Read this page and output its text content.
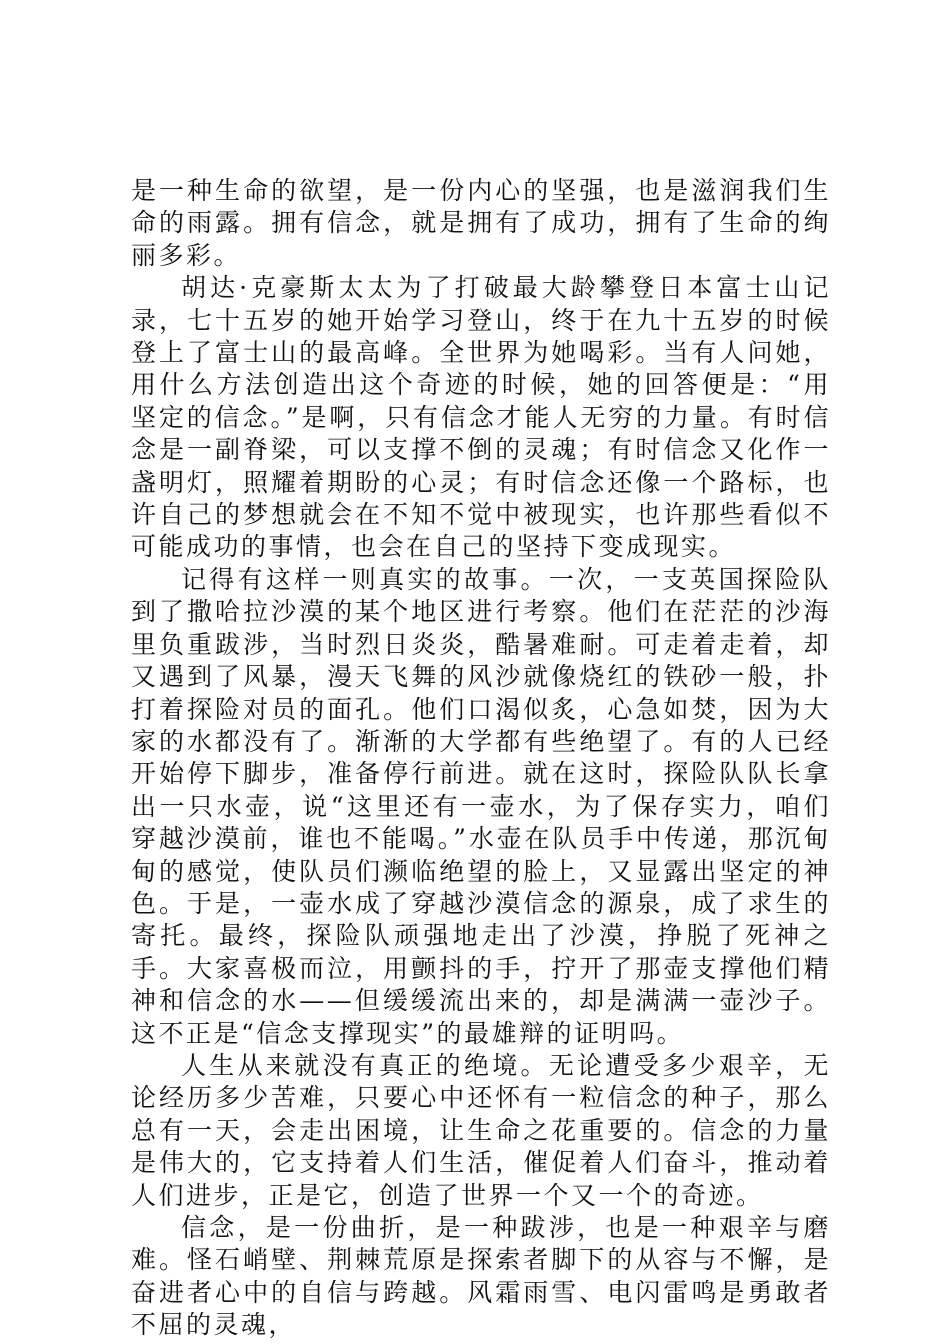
是一种生命的欲望，是一份内心的坚强，也是滋润我们生命的雨露。拥有信念，就是拥有了成功，拥有了生命的绚丽多彩。

胡达·克豪斯太太为了打破最大龄攀登日本富士山记录，七十五岁的她开始学习登山，终于在九十五岁的时候登上了富士山的最高峰。全世界为她喝彩。当有人问她，用什么方法创造出这个奇迹的时候，她的回答便是：“用坚定的信念。”是啊，只有信念才能人无穷的力量。有时信念是一副脊梁，可以支撑不倒的灵魂；有时信念又化作一盏明灯，照耀着期盼的心灵；有时信念还像一个路标，也许自己的梦想就会在不知不觉中被现实，也许那些看似不可能成功的事情，也会在自己的坚持下变成现实。

记得有这样一则真实的故事。一次，一支英国探险队到了撒哈拉沙漠的某个地区进行考察。他们在茫茫的沙海里负重跋涉，当时烈日炎炎，酷暑难耐。可走着走着，却又遇到了风暴，漫天飞舞的风沙就像烧红的铁砂一般，扑打着探险对员的面孔。他们口渴似炙，心急如焚，因为大家的水都没有了。渐渐的大学都有些绝望了。有的人已经开始停下脚步，准备停行前进。就在这时，探险队队长拿出一只水壶，说“这里还有一壶水，为了保存实力，咱们穿越沙漠前，谁也不能喝。”水壶在队员手中传递，那沉甸甸的感觉，使队员们濒临绝望的脸上，又显露出坚定的神色。于是，一壶水成了穿越沙漠信念的源泉，成了求生的寄托。最终，探险队顽强地走出了沙漠，挣脱了死神之手。大家喜极而泣，用颤抖的手，拧开了那壶支撑他们精神和信念的水——但缓缓流出来的，却是满满一壶沙子。这不正是“信念支撑现实”的最雄辩的证明吗。

人生从来就没有真正的绝境。无论遭受多少艰辛，无论经历多少苦难，只要心中还怀有一粒信念的种子，那么总有一天，会走出困境，让生命之花重要的。信念的力量是伟大的，它支持着人们生活，催促着人们奋斗，推动着人们进步，正是它，创造了世界一个又一个的奇迹。

信念，是一份曲折，是一种跋涉，也是一种艰辛与磨难。怪石峭壁、荆棘荒原是探索者脚下的从容与不懈，是奋进者心中的自信与跨越。风霜雨雪、电闪雷鸣是勇敢者不屈的灵魂，
